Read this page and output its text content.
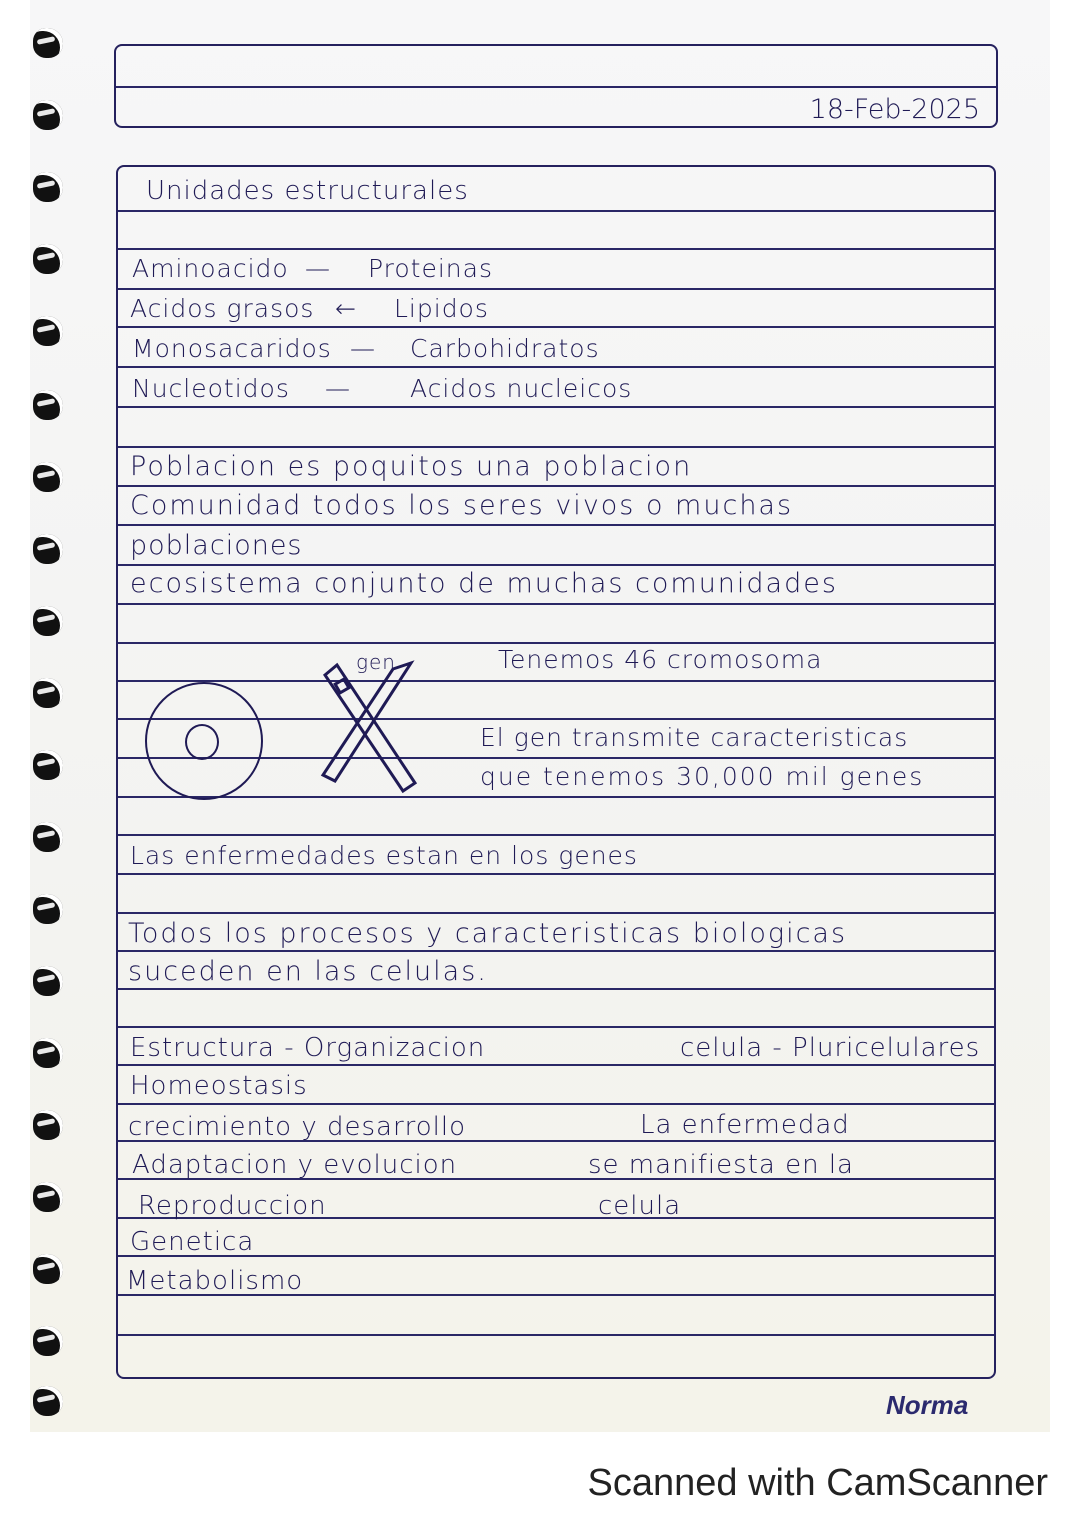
18-Feb-2025
Unidades estructurales
Aminoacido — Proteinas
Acidos grasos ← Lipidos
Monosacaridos — Carbohidratos
Nucleotidos — Acidos nucleicos
Poblacion es poquitos una poblacion
Comunidad todos los seres vivos o muchas
poblaciones
ecosistema conjunto de muchas comunidades
gen	Tenemos 46 cromosoma
El gen transmite caracteristicas
que tenemos 30,000 mil genes
Las enfermedades estan en los genes
Todos los procesos y caracteristicas biologicas
suceden en las celulas.
Estructura - Organizacion
Homeostasis
crecimiento y desarrollo
Adaptacion y evolucion
Reproduccion
Genetica
Metabolismo
celula - Pluricelulares
La enfermedad
se manifiesta en la
celula
Norma
Scanned with CamScanner
